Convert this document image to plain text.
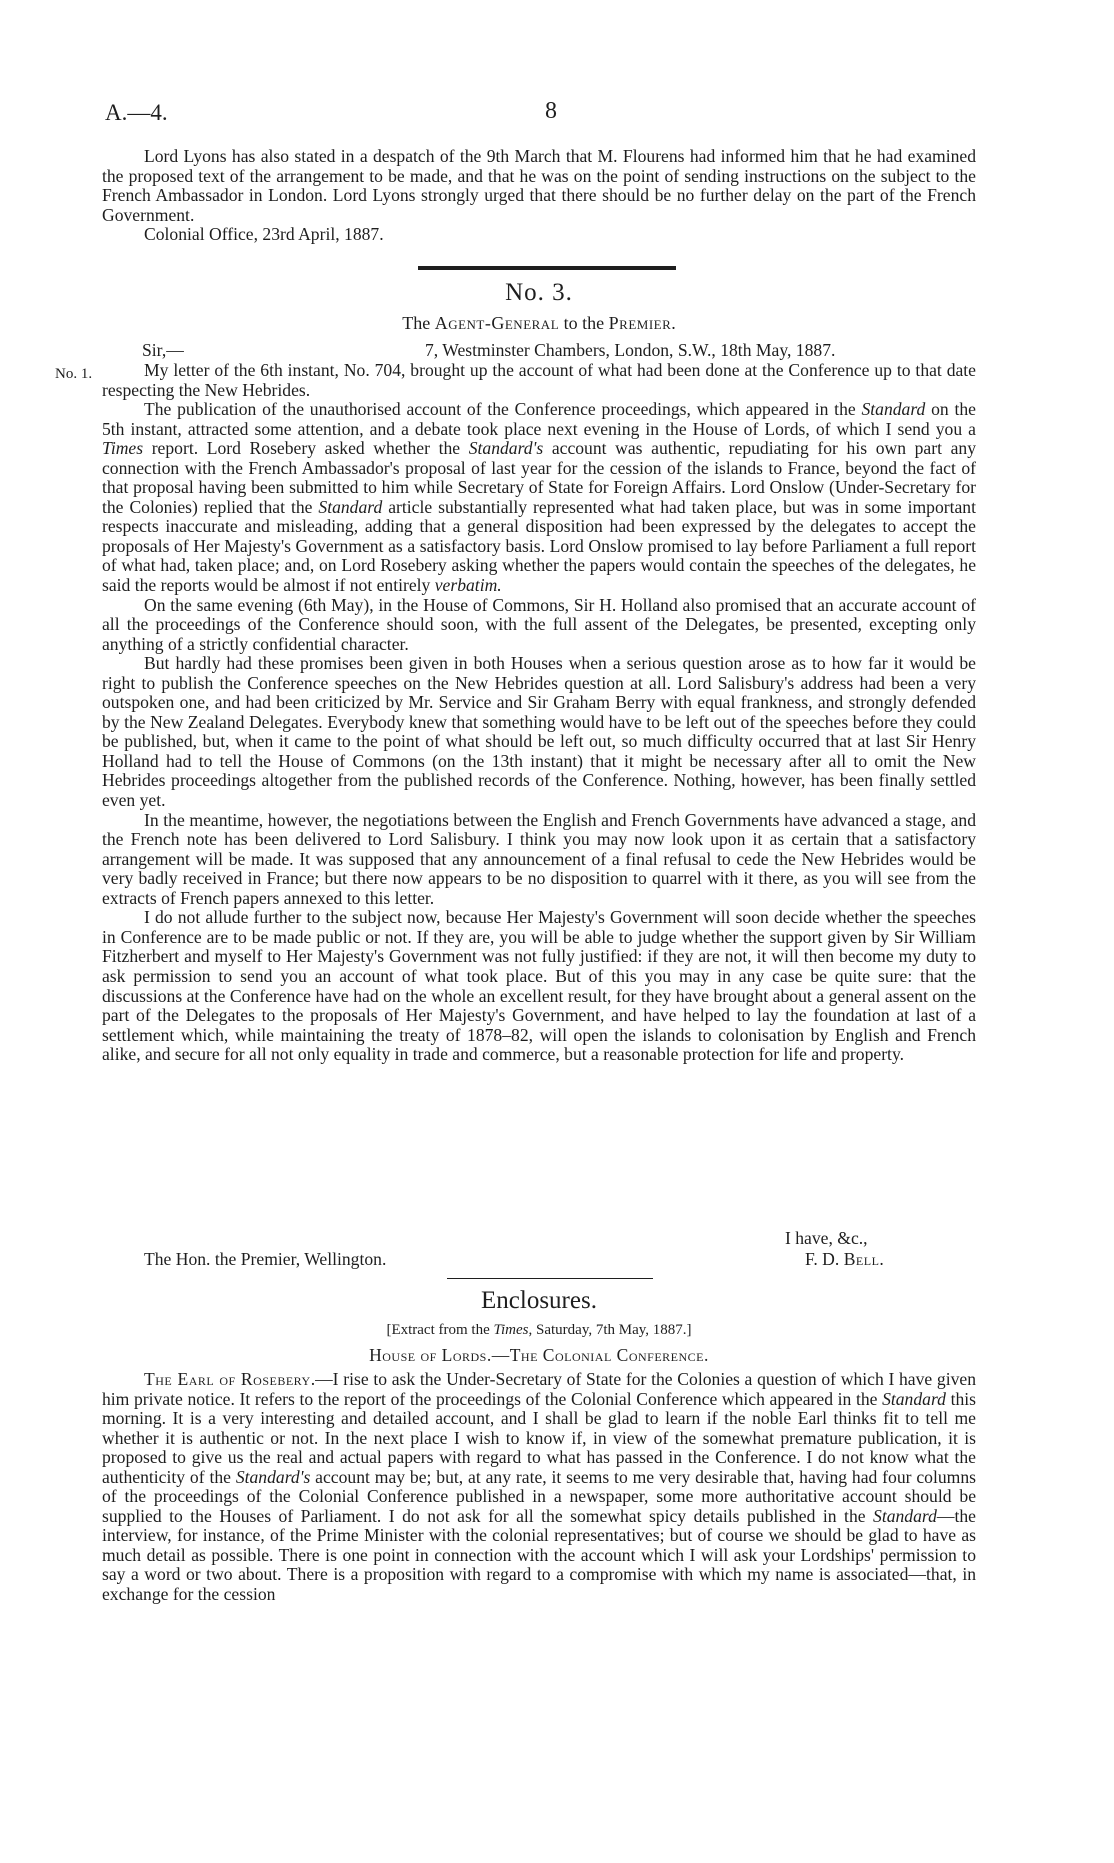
A.—4.	8

Lord Lyons has also stated in a despatch of the 9th March that M. Flourens had informed him that he had examined the proposed text of the arrangement to be made, and that he was on the point of sending instructions on the subject to the French Ambassador in London. Lord Lyons strongly urged that there should be no further delay on the part of the French Government.

Colonial Office, 23rd April, 1887.

No. 3.
The Agent-General to the Premier.
Sir,—	7, Westminster Chambers, London, S.W., 18th May, 1887.
No. 1.	My letter of the 6th instant, No. 704, brought up the account of what had been done at the Conference up to that date respecting the New Hebrides.

The publication of the unauthorised account of the Conference proceedings, which appeared in the Standard on the 5th instant, attracted some attention, and a debate took place next evening in the House of Lords, of which I send you a Times report. Lord Rosebery asked whether the Standard's account was authentic, repudiating for his own part any connection with the French Ambassador's proposal of last year for the cession of the islands to France, beyond the fact of that proposal having been submitted to him while Secretary of State for Foreign Affairs. Lord Onslow (Under-Secretary for the Colonies) replied that the Standard article substantially represented what had taken place, but was in some important respects inaccurate and misleading, adding that a general disposition had been expressed by the delegates to accept the proposals of Her Majesty's Government as a satisfactory basis. Lord Onslow promised to lay before Parliament a full report of what had, taken place; and, on Lord Rosebery asking whether the papers would contain the speeches of the delegates, he said the reports would be almost if not entirely verbatim.

On the same evening (6th May), in the House of Commons, Sir H. Holland also promised that an accurate account of all the proceedings of the Conference should soon, with the full assent of the Delegates, be presented, excepting only anything of a strictly confidential character.

But hardly had these promises been given in both Houses when a serious question arose as to how far it would be right to publish the Conference speeches on the New Hebrides question at all. Lord Salisbury's address had been a very outspoken one, and had been criticized by Mr. Service and Sir Graham Berry with equal frankness, and strongly defended by the New Zealand Delegates. Everybody knew that something would have to be left out of the speeches before they could be published, but, when it came to the point of what should be left out, so much difficulty occurred that at last Sir Henry Holland had to tell the House of Commons (on the 13th instant) that it might be necessary after all to omit the New Hebrides proceedings altogether from the published records of the Conference. Nothing, however, has been finally settled even yet.

In the meantime, however, the negotiations between the English and French Governments have advanced a stage, and the French note has been delivered to Lord Salisbury. I think you may now look upon it as certain that a satisfactory arrangement will be made. It was supposed that any announcement of a final refusal to cede the New Hebrides would be very badly received in France; but there now appears to be no disposition to quarrel with it there, as you will see from the extracts of French papers annexed to this letter.

I do not allude further to the subject now, because Her Majesty's Government will soon decide whether the speeches in Conference are to be made public or not. If they are, you will be able to judge whether the support given by Sir William Fitzherbert and myself to Her Majesty's Government was not fully justified: if they are not, it will then become my duty to ask permission to send you an account of what took place. But of this you may in any case be quite sure: that the discussions at the Conference have had on the whole an excellent result, for they have brought about a general assent on the part of the Delegates to the proposals of Her Majesty's Government, and have helped to lay the foundation at last of a settlement which, while maintaining the treaty of 1878–82, will open the islands to colonisation by English and French alike, and secure for all not only equality in trade and commerce, but a reasonable protection for life and property.

I have, &c.,
The Hon. the Premier, Wellington.	F. D. Bell.
Enclosures.
[Extract from the Times, Saturday, 7th May, 1887.]
House of Lords.—The Colonial Conference.

The Earl of Rosebery.—I rise to ask the Under-Secretary of State for the Colonies a question of which I have given him private notice. It refers to the report of the proceedings of the Colonial Conference which appeared in the Standard this morning. It is a very interesting and detailed account, and I shall be glad to learn if the noble Earl thinks fit to tell me whether it is authentic or not. In the next place I wish to know if, in view of the somewhat premature publication, it is proposed to give us the real and actual papers with regard to what has passed in the Conference. I do not know what the authenticity of the Standard's account may be; but, at any rate, it seems to me very desirable that, having had four columns of the proceedings of the Colonial Conference published in a newspaper, some more authoritative account should be supplied to the Houses of Parliament. I do not ask for all the somewhat spicy details published in the Standard—the interview, for instance, of the Prime Minister with the colonial representatives; but of course we should be glad to have as much detail as possible. There is one point in connection with the account which I will ask your Lordships' permission to say a word or two about. There is a proposition with regard to a compromise with which my name is associated—that, in exchange for the cession
